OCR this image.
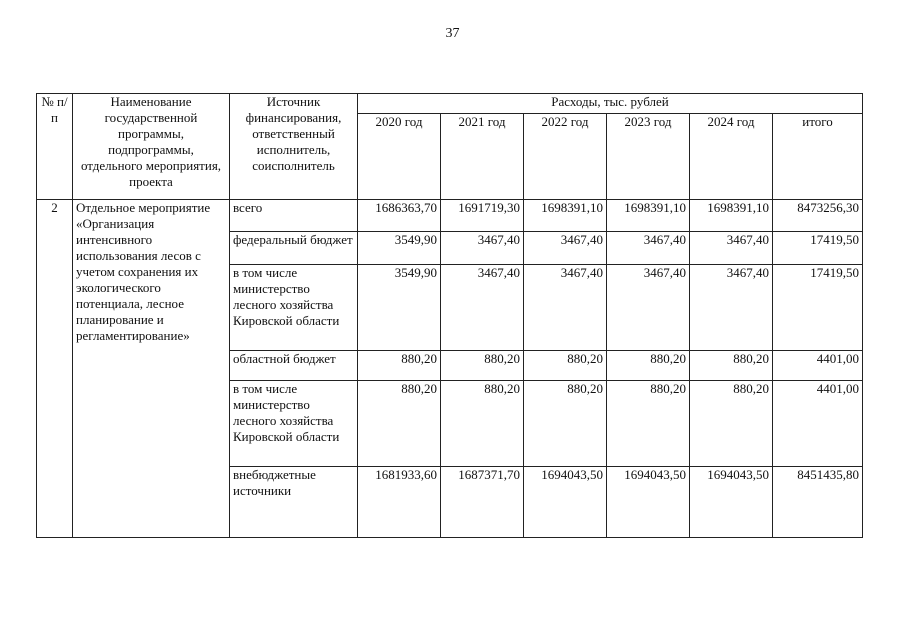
37
№ п/п	Наименование государственной программы, подпрограммы, отдельного мероприятия, проекта	Источник финансирования, ответственный исполнитель, соисполнитель	Расходы, тыс. рублей					
			2020 год	2021 год	2022 год	2023 год	2024 год	итого
2	Отдельное мероприятие «Организация интенсивного использования лесов с учетом сохранения их экологического потенциала, лесное планирование и регламентирование»	всего	1686363,70	1691719,30	1698391,10	1698391,10	1698391,10	8473256,30
		федеральный бюджет	3549,90	3467,40	3467,40	3467,40	3467,40	17419,50
		в том числе министерство лесного хозяйства Кировской области	3549,90	3467,40	3467,40	3467,40	3467,40	17419,50
		областной бюджет	880,20	880,20	880,20	880,20	880,20	4401,00
		в том числе министерство лесного хозяйства Кировской области	880,20	880,20	880,20	880,20	880,20	4401,00
		внебюджетные источники	1681933,60	1687371,70	1694043,50	1694043,50	1694043,50	8451435,80
